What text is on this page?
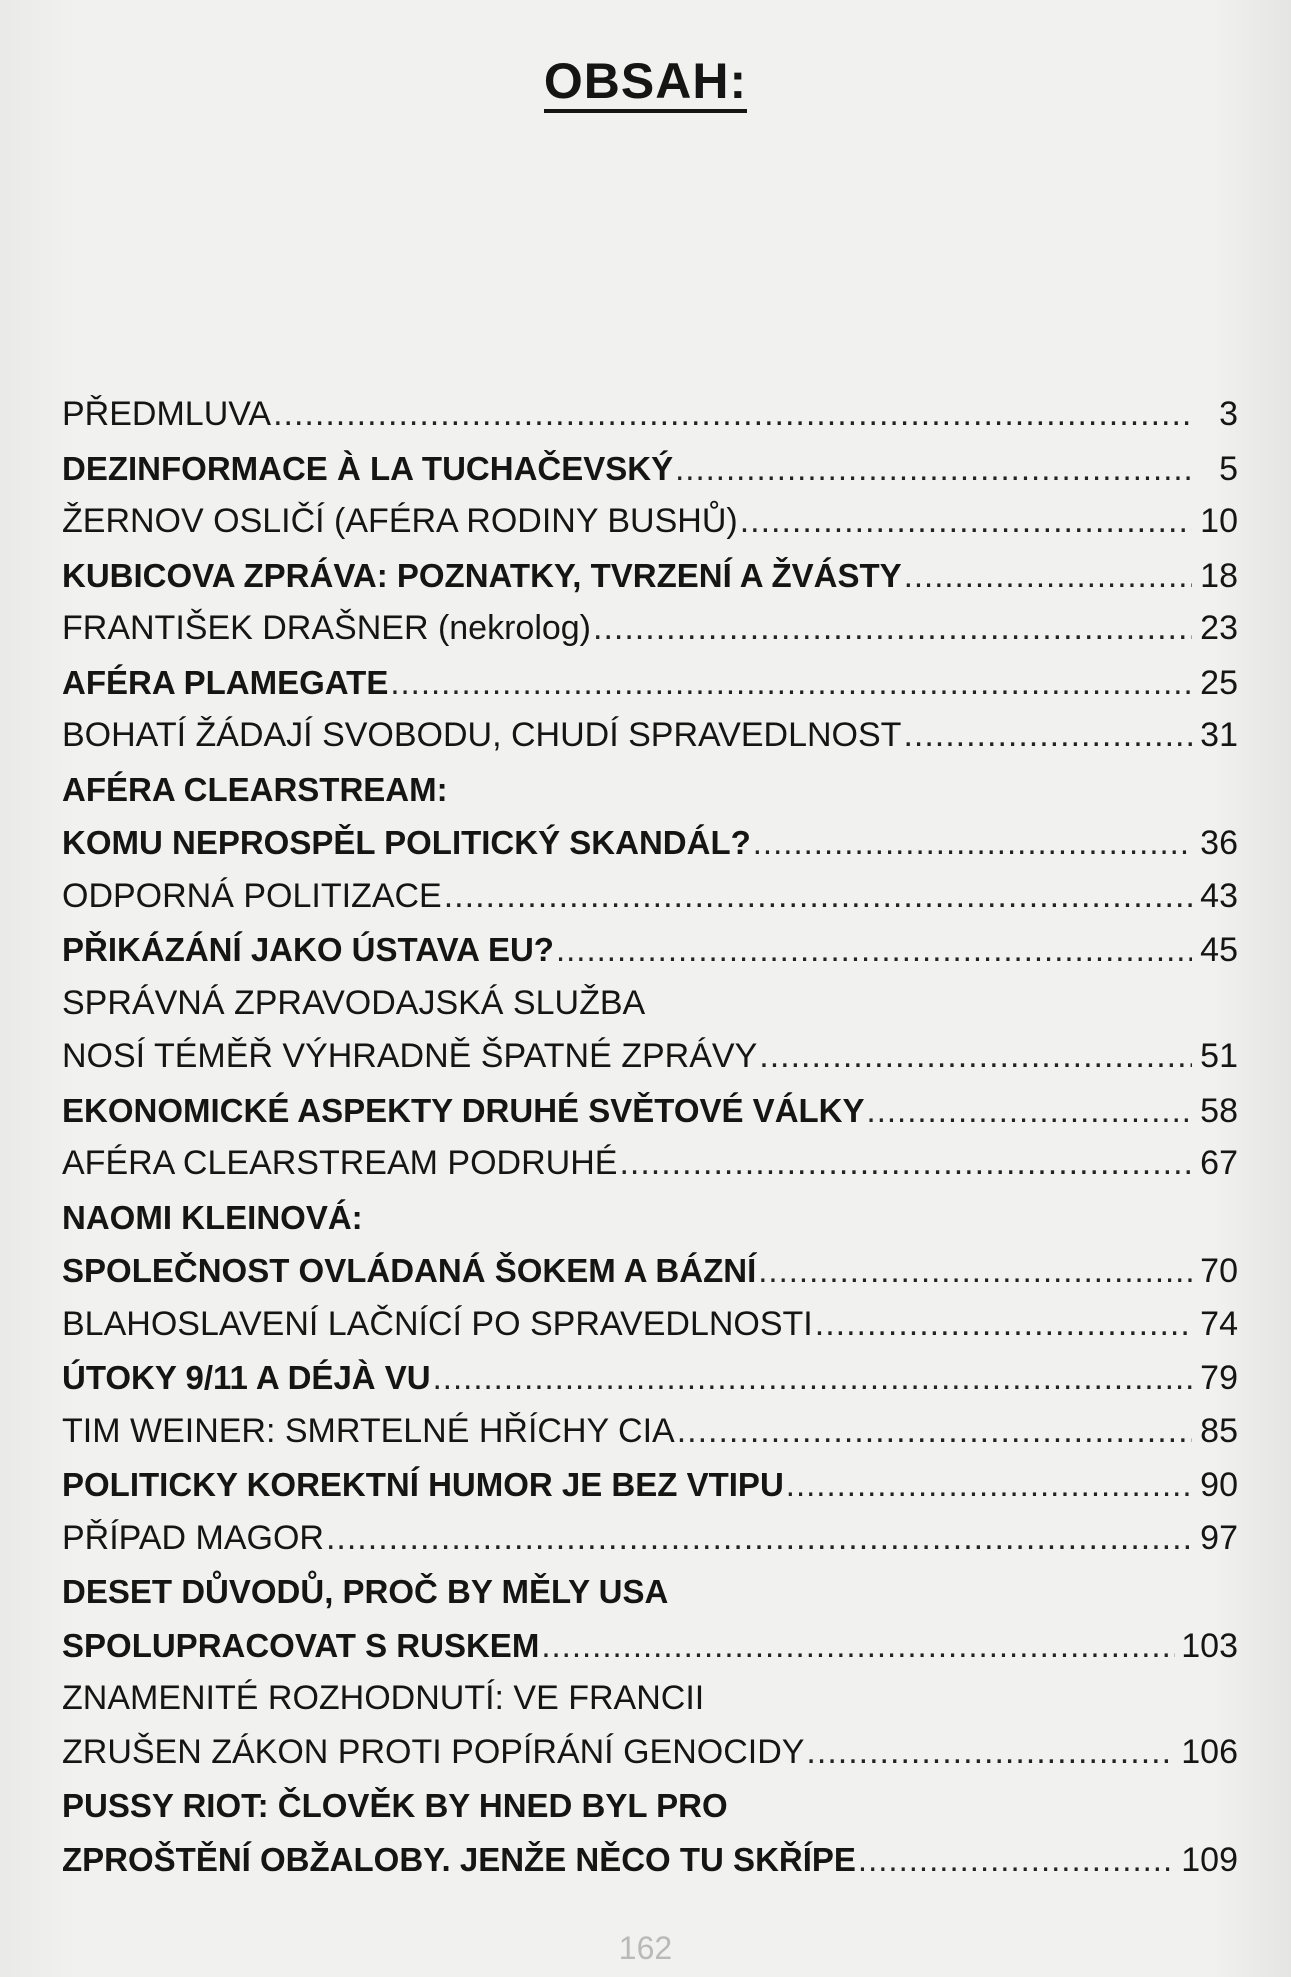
OBSAH:
PŘEDMLUVA .....	3
DEZINFORMACE À LA TUCHAČEVSKÝ .....	5
ŽERNOV OSLIČÍ (AFÉRA RODINY BUSHŮ) .....	10
KUBICOVA ZPRÁVA: POZNATKY, TVRZENÍ A ŽVÁSTY .....	18
FRANTIŠEK DRAŠNER (nekrolog) .....	23
AFÉRA PLAMEGATE .....	25
BOHATÍ ŽÁDAJÍ SVOBODU, CHUDÍ SPRAVEDLNOST .....	31
AFÉRA CLEARSTREAM:
KOMU NEPROSPĚL POLITICKÝ SKANDÁL? .....	36
ODPORNÁ POLITIZACE .....	43
PŘIKÁZÁNÍ JAKO ÚSTAVA EU? .....	45
SPRÁVNÁ ZPRAVODAJSKÁ SLUŽBA
NOSÍ TÉMĚŘ VÝHRADNĚ ŠPATNÉ ZPRÁVY .....	51
EKONOMICKÉ ASPEKTY DRUHÉ SVĚTOVÉ VÁLKY .....	58
AFÉRA CLEARSTREAM PODRUHÉ .....	67
NAOMI KLEINOVÁ:
SPOLEČNOST OVLÁDANÁ ŠOKEM A BÁZNÍ .....	70
BLAHOSLAVENÍ LAČNÍCÍ PO SPRAVEDLNOSTI .....	74
ÚTOKY 9/11 A DÉJÀ VU .....	79
TIM WEINER: SMRTELNÉ HŘÍCHY CIA .....	85
POLITICKY KOREKTNÍ HUMOR JE BEZ VTIPU .....	90
PŘÍPAD MAGOR .....	97
DESET DŮVODŮ, PROČ BY MĚLY USA
SPOLUPRACOVAT S RUSKEM .....	103
ZNAMENITÉ ROZHODNUTÍ: VE FRANCII
ZRUŠEN ZÁKON PROTI POPÍRÁNÍ GENOCIDY .....	106
PUSSY RIOT: ČLOVĚK BY HNED BYL PRO
ZPROŠTĚNÍ OBŽALOBY. JENŽE NĚCO TU SKŘÍPE .....	109
162
